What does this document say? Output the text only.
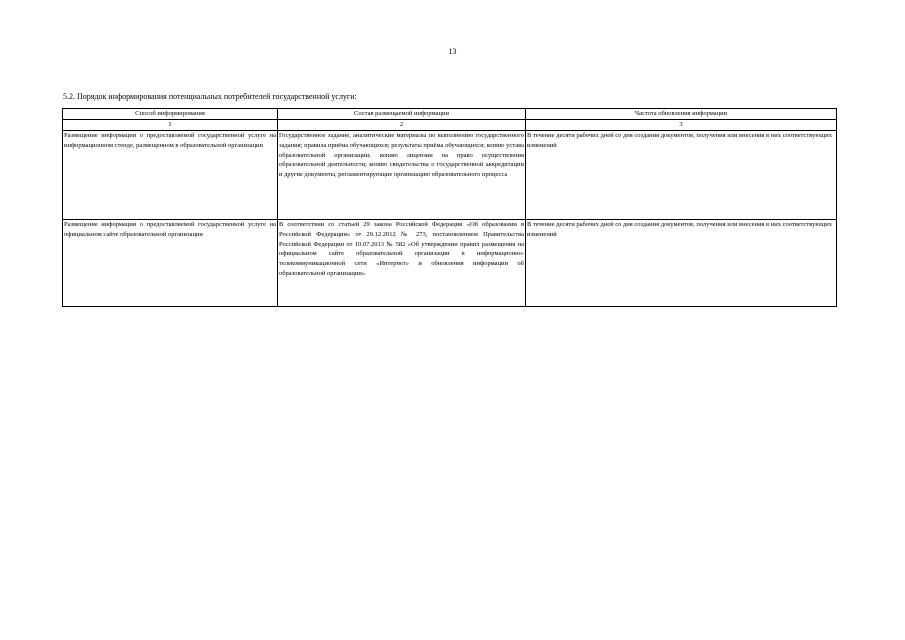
13
5.2. Порядок информирования потенциальных потребителей государственной услуги:
Способ информирования	Состав размещаемой информации	Частота обновления информации
1	2	3
Размещение информации о предоставляемой государственной услуге на информационном стенде, размещенном в образовательной организации	Государственное задание, аналитические материалы по выполнению государственного задания; правила приёма обучающихся; результаты приёма обучающихся; копию устава образовательной организации; копию лицензии на право осуществления образовательной деятельности; копию свидетельства о государственной аккредитации и другие документы, регламентирующие организацию образовательного процесса	В течение десяти рабочих дней со дня создания документов, получения или внесения в них соответствующих изменений
Размещение информации о предоставляемой государственной услуге на официальном сайте образовательной организации	В соответствии со статьей 29 закона Российской Федерации «Об образовании в Российской Федерации» от 29.12.2012 № 273, постановлением Правительства Российской Федерации от 10.07.2013 № 582 «Об утверждении правил размещения на официальном сайте образовательной организации в информационно-телекоммуникационной сети «Интернет» и обновления информации об образовательной организации»	В течение десяти рабочих дней со дня создания документов, получения или внесения в них соответствующих изменений
